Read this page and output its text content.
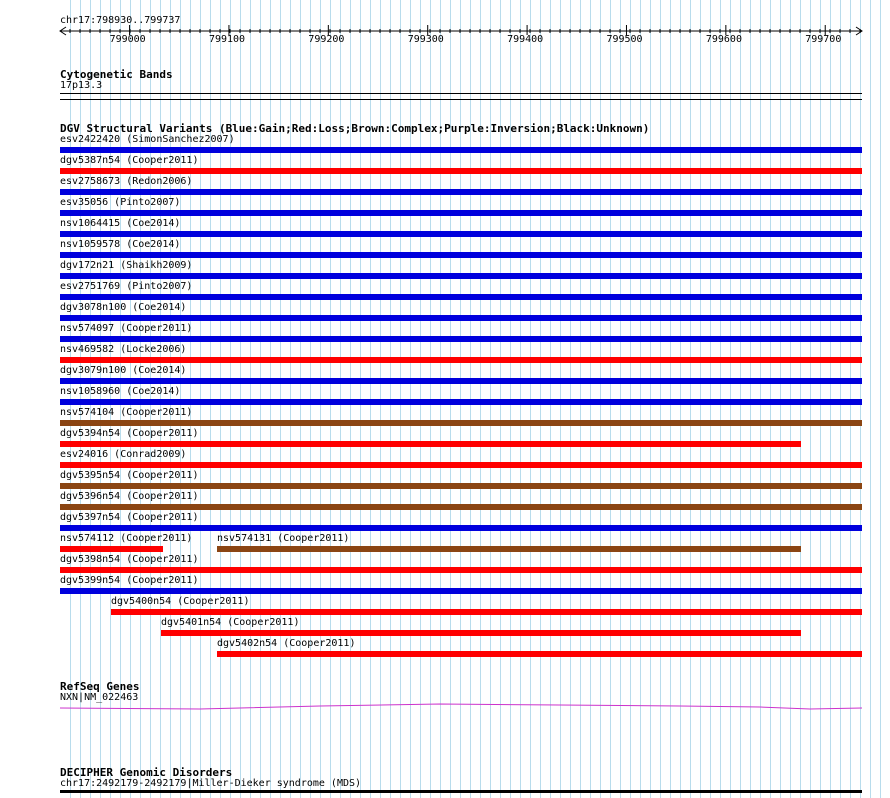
chr17:798930..799737
799000	799100	799200	799300	799400	799500	799600	799700
Cytogenetic Bands
17p13.3
DGV Structural Variants (Blue:Gain;Red:Loss;Brown:Complex;Purple:Inversion;Black:Unknown)
esv2422420 (SimonSanchez2007)
dgv5387n54 (Cooper2011)
esv2758673 (Redon2006)
esv35056 (Pinto2007)
nsv1064415 (Coe2014)
nsv1059578 (Coe2014)
dgv172n21 (Shaikh2009)
esv2751769 (Pinto2007)
dgv3078n100 (Coe2014)
nsv574097 (Cooper2011)
nsv469582 (Locke2006)
dgv3079n100 (Coe2014)
nsv1058960 (Coe2014)
nsv574104 (Cooper2011)
dgv5394n54 (Cooper2011)
esv24016 (Conrad2009)
dgv5395n54 (Cooper2011)
dgv5396n54 (Cooper2011)
dgv5397n54 (Cooper2011)
nsv574112 (Cooper2011) nsv574131 (Cooper2011)
dgv5398n54 (Cooper2011)
dgv5399n54 (Cooper2011)
dgv5400n54 (Cooper2011)
dgv5401n54 (Cooper2011)
dgv5402n54 (Cooper2011)
RefSeq Genes
NXN|NM_022463
DECIPHER Genomic Disorders
chr17:2492179-2492179|Miller-Dieker syndrome (MDS)
